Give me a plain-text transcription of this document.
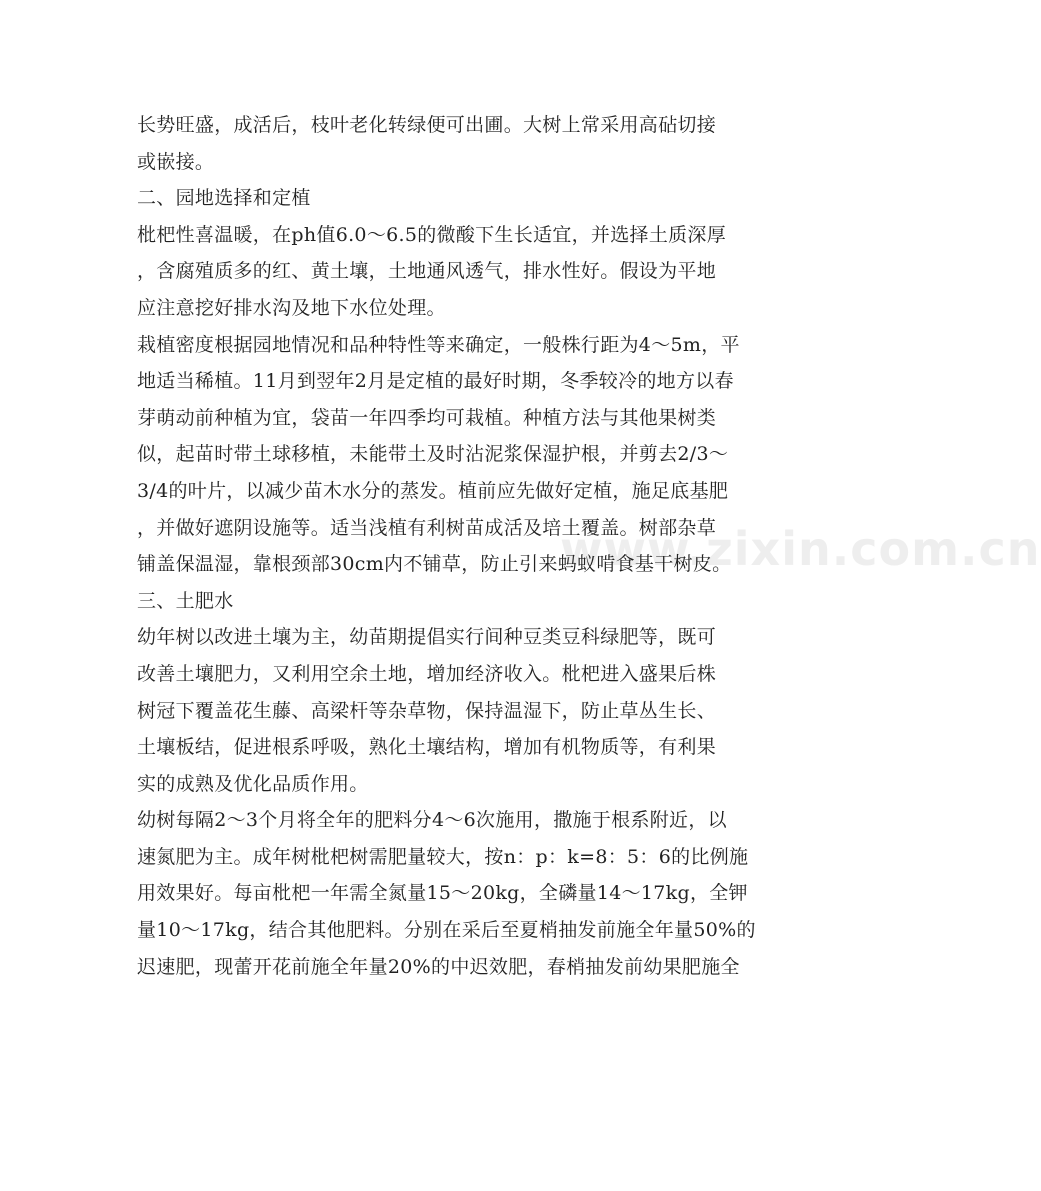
www.zixin.com.cn
长势旺盛，成活后，枝叶老化转绿便可出圃。大树上常采用高砧切接
或嵌接。
二、园地选择和定植
枇杷性喜温暖，在ph值6.0～6.5的微酸下生长适宜，并选择土质深厚
，含腐殖质多的红、黄土壤，土地通风透气，排水性好。假设为平地
应注意挖好排水沟及地下水位处理。
栽植密度根据园地情况和品种特性等来确定，一般株行距为4～5m，平
地适当稀植。11月到翌年2月是定植的最好时期，冬季较冷的地方以春
芽萌动前种植为宜，袋苗一年四季均可栽植。种植方法与其他果树类
似，起苗时带土球移植，未能带土及时沾泥浆保湿护根，并剪去2/3～
3/4的叶片，以减少苗木水分的蒸发。植前应先做好定植，施足底基肥
，并做好遮阴设施等。适当浅植有利树苗成活及培土覆盖。树部杂草
铺盖保温湿，靠根颈部30cm内不铺草，防止引来蚂蚁啃食基干树皮。
三、土肥水
幼年树以改进土壤为主，幼苗期提倡实行间种豆类豆科绿肥等，既可
改善土壤肥力，又利用空余土地，增加经济收入。枇杷进入盛果后株
树冠下覆盖花生藤、高梁杆等杂草物，保持温湿下，防止草丛生长、
土壤板结，促进根系呼吸，熟化土壤结构，增加有机物质等，有利果
实的成熟及优化品质作用。
幼树每隔2～3个月将全年的肥料分4～6次施用，撒施于根系附近，以
速氮肥为主。成年树枇杷树需肥量较大，按n：p：k=8：5：6的比例施
用效果好。每亩枇杷一年需全氮量15～20kg，全磷量14～17kg，全钾
量10～17kg，结合其他肥料。分别在采后至夏梢抽发前施全年量50%的
迟速肥，现蕾开花前施全年量20%的中迟效肥，春梢抽发前幼果肥施全
